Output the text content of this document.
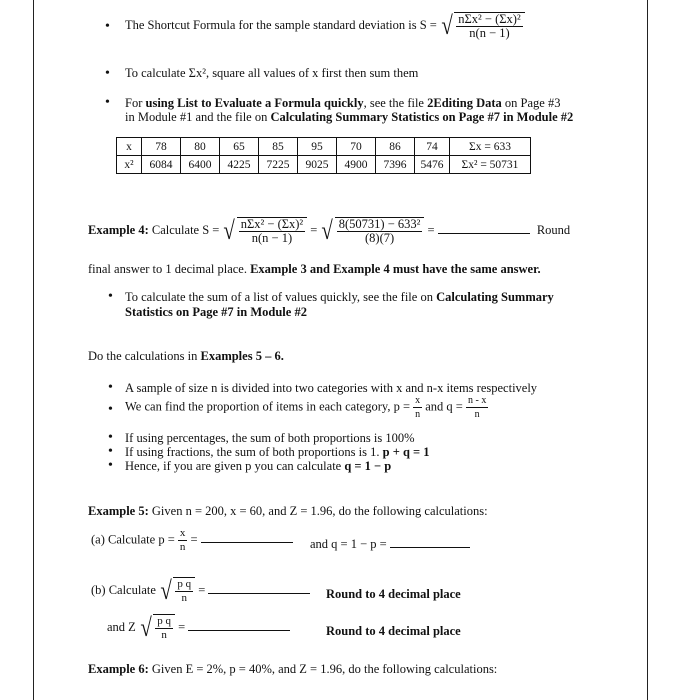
• The Shortcut Formula for the sample standard deviation is S = √ $\frac{\text{nΣx² − (Σx)²}}{n(n - 1)}$
• To calculate Σx², square all values of x first then sum them
• For using List to Evaluate a Formula quickly, see the file 2Editing Data on Page #3
in Module #1 and the file on Calculating Summary Statistics on Page #7 in Module #2
x	78	80	65	85	95	70	86	74	Σx = 633
x²	6084	6400	4225	7225	9025	4900	7396	5476	Σx² = 50731
Example 4: Calculate S = √ $\frac{\text{nΣx² − (Σx)²}}{n(n - 1)}$ = √ $\frac{\text{8(50731) − 633²}}{(8)(7)}$ =	Round
final answer to 1 decimal place. Example 3 and Example 4 must have the same answer.
• To calculate the sum of a list of values quickly, see the file on Calculating Summary
Statistics on Page #7 in Module #2
Do the calculations in Examples 5 – 6.
• A sample of size n is divided into two categories with x and n-x items respectively
• We can find the proportion of items in each category, $p = \frac{x}{n}$ and $q = \frac{n - x}{n}$
• If using percentages, the sum of both proportions is 100%
• If using fractions, the sum of both proportions is 1. p + q = 1
• Hence, if you are given p you can calculate q = 1 − p
Example 5: Given n = 200, x = 60, and Z = 1.96, do the following calculations:
(a) Calculate $p = \frac{x}{n}$ =	and q = 1 − p =
(b) Calculate √ $\frac{\text{p q}}{n}$ =	Round to 4 decimal place
and Z √ $\frac{\text{p q}}{n}$ =	Round to 4 decimal place
Example 6: Given E = 2%, p = 40%, and Z = 1.96, do the following calculations:
